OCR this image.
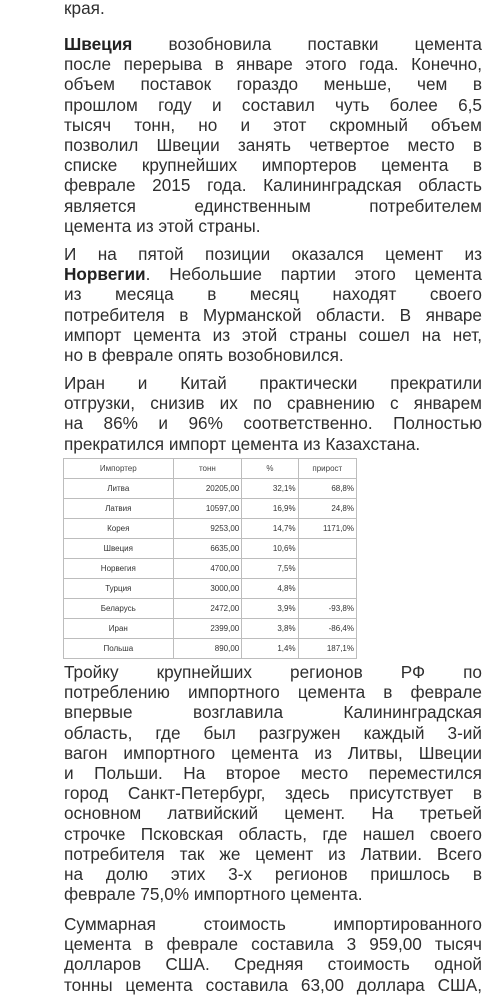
края.
Швеция возобновила поставки цемента
после перерыва в январе этого года. Конечно,
объем поставок гораздо меньше, чем в
прошлом году и составил чуть более 6,5
тысяч тонн, но и этот скромный объем
позволил Швеции занять четвертое место в
списке крупнейших импортеров цемента в
феврале 2015 года. Калининградская область
является единственным потребителем
цемента из этой страны.
И на пятой позиции оказался цемент из
Норвегии. Небольшие партии этого цемента
из месяца в месяц находят своего
потребителя в Мурманской области. В январе
импорт цемента из этой страны сошел на нет,
но в феврале опять возобновился.
Иран и Китай практически прекратили
отгрузки, снизив их по сравнению с январем
на 86% и 96% соответственно. Полностью
прекратился импорт цемента из Казахстана.
Импортер	тонн	%	прирост
Литва	20205,00	32,1%	68,8%
Латвия	10597,00	16,9%	24,8%
Корея	9253,00	14,7%	1171,0%
Швеция	6635,00	10,6%	
Норвегия	4700,00	7,5%	
Турция	3000,00	4,8%	
Беларусь	2472,00	3,9%	-93,8%
Иран	2399,00	3,8%	-86,4%
Польша	890,00	1,4%	187,1%
Тройку крупнейших регионов РФ по
потреблению импортного цемента в феврале
впервые возглавила Калининградская
область, где был разгружен каждый 3-ий
вагон импортного цемента из Литвы, Швеции
и Польши. На второе место переместился
город Санкт-Петербург, здесь присутствует в
основном латвийский цемент. На третьей
строчке Псковская область, где нашел своего
потребителя так же цемент из Латвии. Всего
на долю этих 3-х регионов пришлось в
феврале 75,0% импортного цемента.
Суммарная стоимость импортированного
цемента в феврале составила 3 959,00 тысяч
долларов США. Средняя стоимость одной
тонны цемента составила 63,00 доллара США,
